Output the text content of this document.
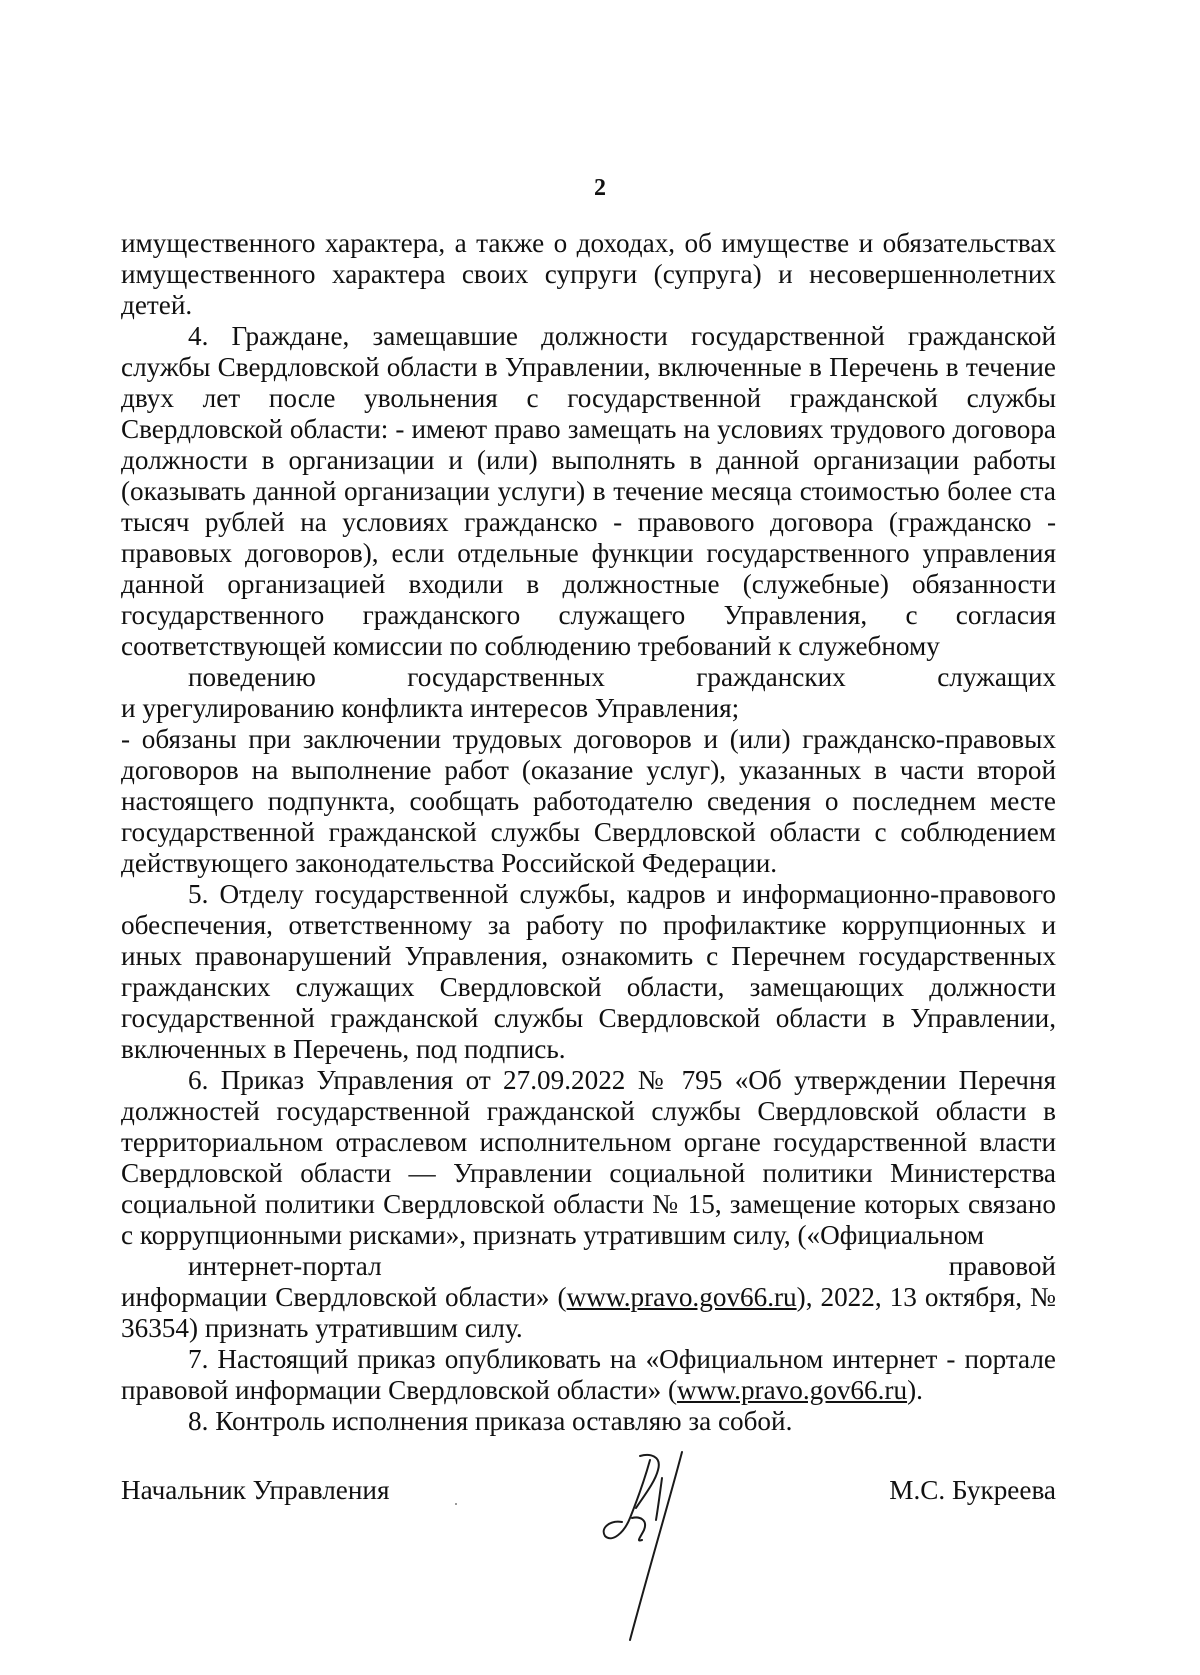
2

имущественного характера, а также о доходах, об имуществе и обязательствах имущественного характера своих супруги (супруга) и несовершеннолетних детей.

4. Граждане, замещавшие должности государственной гражданской службы Свердловской области в Управлении, включенные в Перечень в течение двух лет после увольнения с государственной гражданской службы Свердловской области: - имеют право замещать на условиях трудового договора должности в организации и (или) выполнять в данной организации работы (оказывать данной организации услуги) в течение месяца стоимостью более ста тысяч рублей на условиях гражданско - правового договора (гражданско - правовых договоров), если отдельные функции государственного управления данной организацией входили в должностные (служебные) обязанности государственного гражданского служащего Управления, с согласия соответствующей комиссии по соблюдению требований к служебному
поведению государственных гражданских служащих
и урегулированию конфликта интересов Управления;

- обязаны при заключении трудовых договоров и (или) гражданско-правовых договоров на выполнение работ (оказание услуг), указанных в части второй настоящего подпункта, сообщать работодателю сведения о последнем месте государственной гражданской службы Свердловской области с соблюдением действующего законодательства Российской Федерации.

5. Отделу государственной службы, кадров и информационно-правового обеспечения, ответственному за работу по профилактике коррупционных и иных правонарушений Управления, ознакомить с Перечнем государственных гражданских служащих Свердловской области, замещающих должности государственной гражданской службы Свердловской области в Управлении, включенных в Перечень, под подпись.

6. Приказ Управления от 27.09.2022 № 795 «Об утверждении Перечня должностей государственной гражданской службы Свердловской области в территориальном отраслевом исполнительном органе государственной власти Свердловской области — Управлении социальной политики Министерства социальной политики Свердловской области № 15, замещение которых связано с коррупционными рисками», признать утратившим силу, («Официальном
интернет-портал правовой
информации Свердловской области» (www.pravo.gov66.ru), 2022, 13 октября, № 36354) признать утратившим силу.

7. Настоящий приказ опубликовать на «Официальном интернет - портале правовой информации Свердловской области» (www.pravo.gov66.ru).

8. Контроль исполнения приказа оставляю за собой.

Начальник Управления	М.С. Букреева
